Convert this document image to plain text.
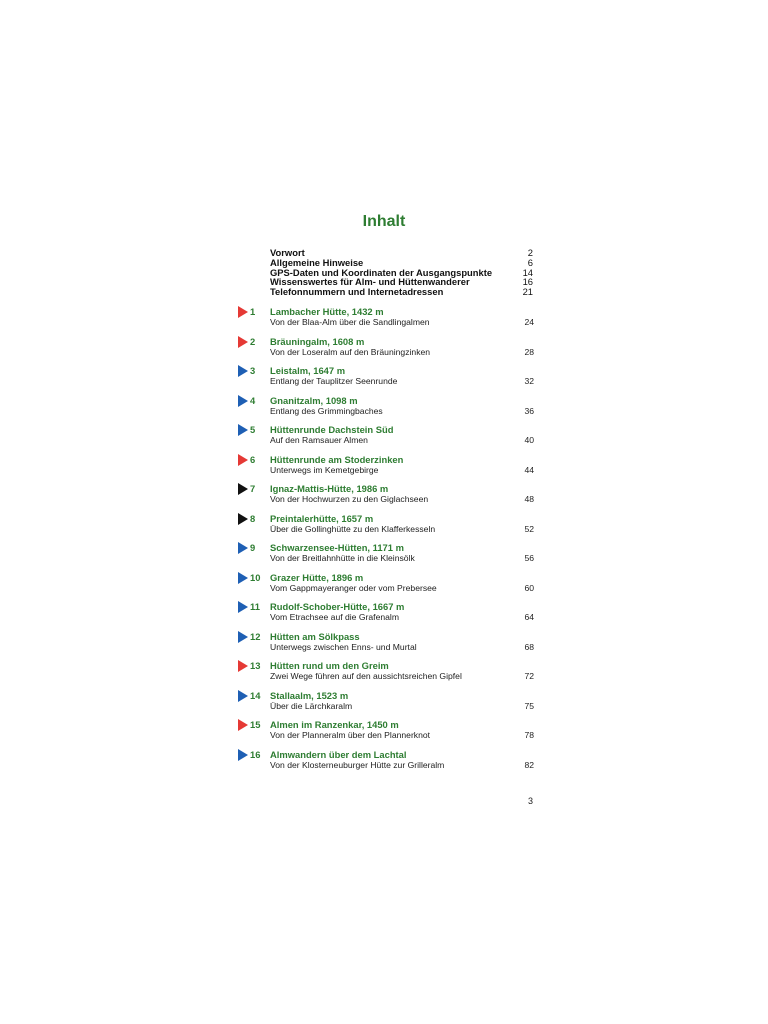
Inhalt
Vorwort	2
Allgemeine Hinweise	6
GPS-Daten und Koordinaten der Ausgangspunkte	14
Wissenswertes für Alm- und Hüttenwanderer	16
Telefonnummern und Internetadressen	21
1 Lambacher Hütte, 1432 m
Von der Blaa-Alm über die Sandlingalmen	24
2 Bräuningalm, 1608 m
Von der Loseralm auf den Bräuningzinken	28
3 Leistalm, 1647 m
Entlang der Tauplitzer Seenrunde	32
4 Gnanitzalm, 1098 m
Entlang des Grimmingbaches	36
5 Hüttenrunde Dachstein Süd
Auf den Ramsauer Almen	40
6 Hüttenrunde am Stoderzinken
Unterwegs im Kemetgebirge	44
7 Ignaz-Mattis-Hütte, 1986 m
Von der Hochwurzen zu den Giglachseen	48
8 Preintalerhütte, 1657 m
Über die Gollinghütte zu den Klafferkesseln	52
9 Schwarzensee-Hütten, 1171 m
Von der Breitlahnhütte in die Kleinsölk	56
10 Grazer Hütte, 1896 m
Vom Gappmayeranger oder vom Prebersee	60
11 Rudolf-Schober-Hütte, 1667 m
Vom Etrachsee auf die Grafenalm	64
12 Hütten am Sölkpass
Unterwegs zwischen Enns- und Murtal	68
13 Hütten rund um den Greim
Zwei Wege führen auf den aussichtsreichen Gipfel	72
14 Stallaalm, 1523 m
Über die Lärchkaralm	75
15 Almen im Ranzenkar, 1450 m
Von der Planneralm über den Plannerknot	78
16 Almwandern über dem Lachtal
Von der Klosterneuburger Hütte zur Grilleralm	82
3
